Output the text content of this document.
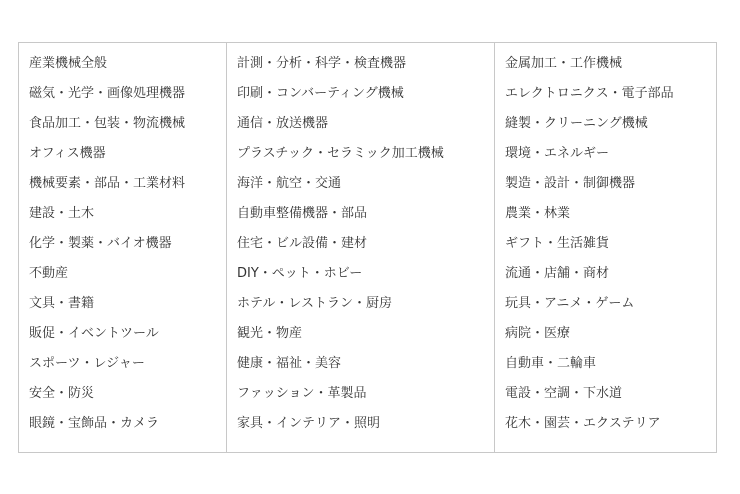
産業機械全般
磁気・光学・画像処理機器
食品加工・包装・物流機械
オフィス機器
機械要素・部品・工業材料
建設・土木
化学・製薬・バイオ機器
不動産
文具・書籍
販促・イベントツール
スポーツ・レジャー
安全・防災
眼鏡・宝飾品・カメラ
計測・分析・科学・検査機器
印刷・コンバーティング機械
通信・放送機器
プラスチック・セラミック加工機械
海洋・航空・交通
自動車整備機器・部品
住宅・ビル設備・建材
DIY・ペット・ホビー
ホテル・レストラン・厨房
観光・物産
健康・福祉・美容
ファッション・革製品
家具・インテリア・照明
金属加工・工作機械
エレクトロニクス・電子部品
縫製・クリーニング機械
環境・エネルギー
製造・設計・制御機器
農業・林業
ギフト・生活雑貨
流通・店舗・商材
玩具・アニメ・ゲーム
病院・医療
自動車・二輪車
電設・空調・下水道
花木・園芸・エクステリア
